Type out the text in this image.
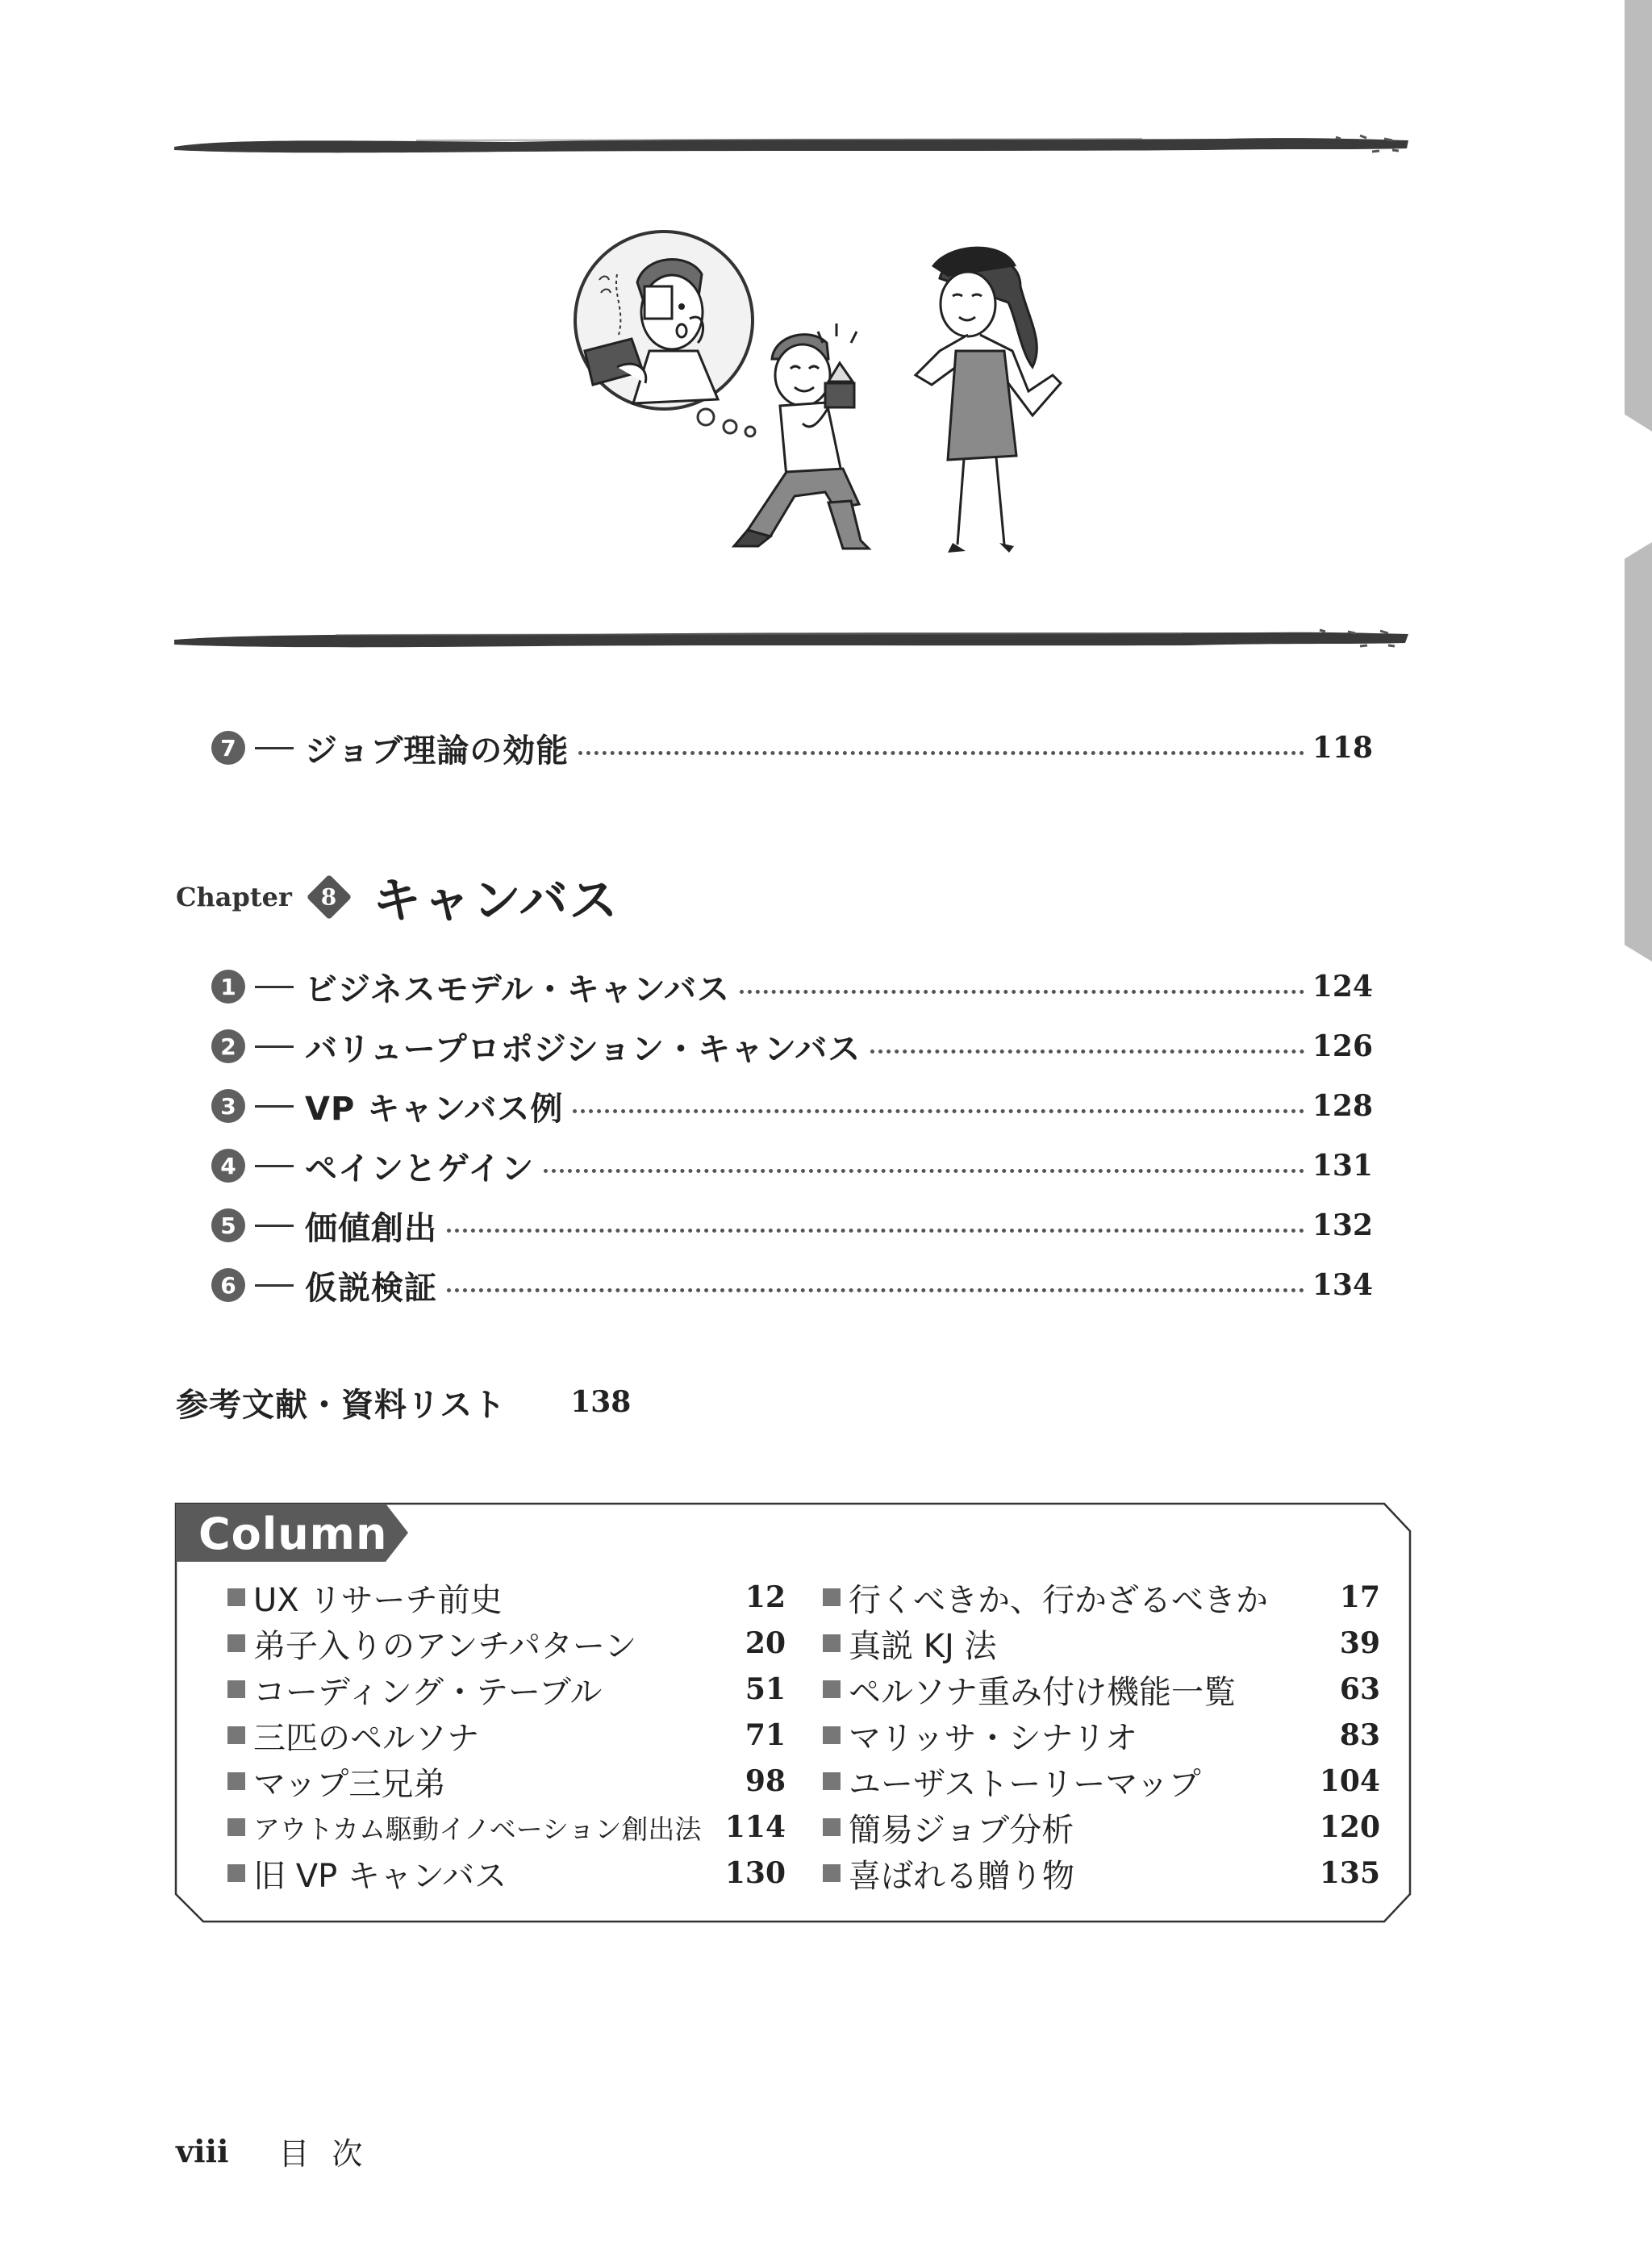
7 ジョブ理論の効能	118
Chapter 8 キャンバス
1 ビジネスモデル・キャンバス	124
2 バリュープロポジション・キャンバス	126
3 VP キャンバス例	128
4 ペインとゲイン	131
5 価値創出	132
6 仮説検証	134
参考文献・資料リスト 138
Column
UX リサーチ前史	12
弟子入りのアンチパターン	20
コーディング・テーブル	51
三匹のペルソナ	71
マップ三兄弟	98
アウトカム駆動イノベーション創出法 114
旧 VP キャンバス	130
行くべきか、行かざるべきか	17
真説 KJ 法	39
ペルソナ重み付け機能一覧	63
マリッサ・シナリオ	83
ユーザストーリーマップ	104
簡易ジョブ分析	120
喜ばれる贈り物	135
viii 目次
